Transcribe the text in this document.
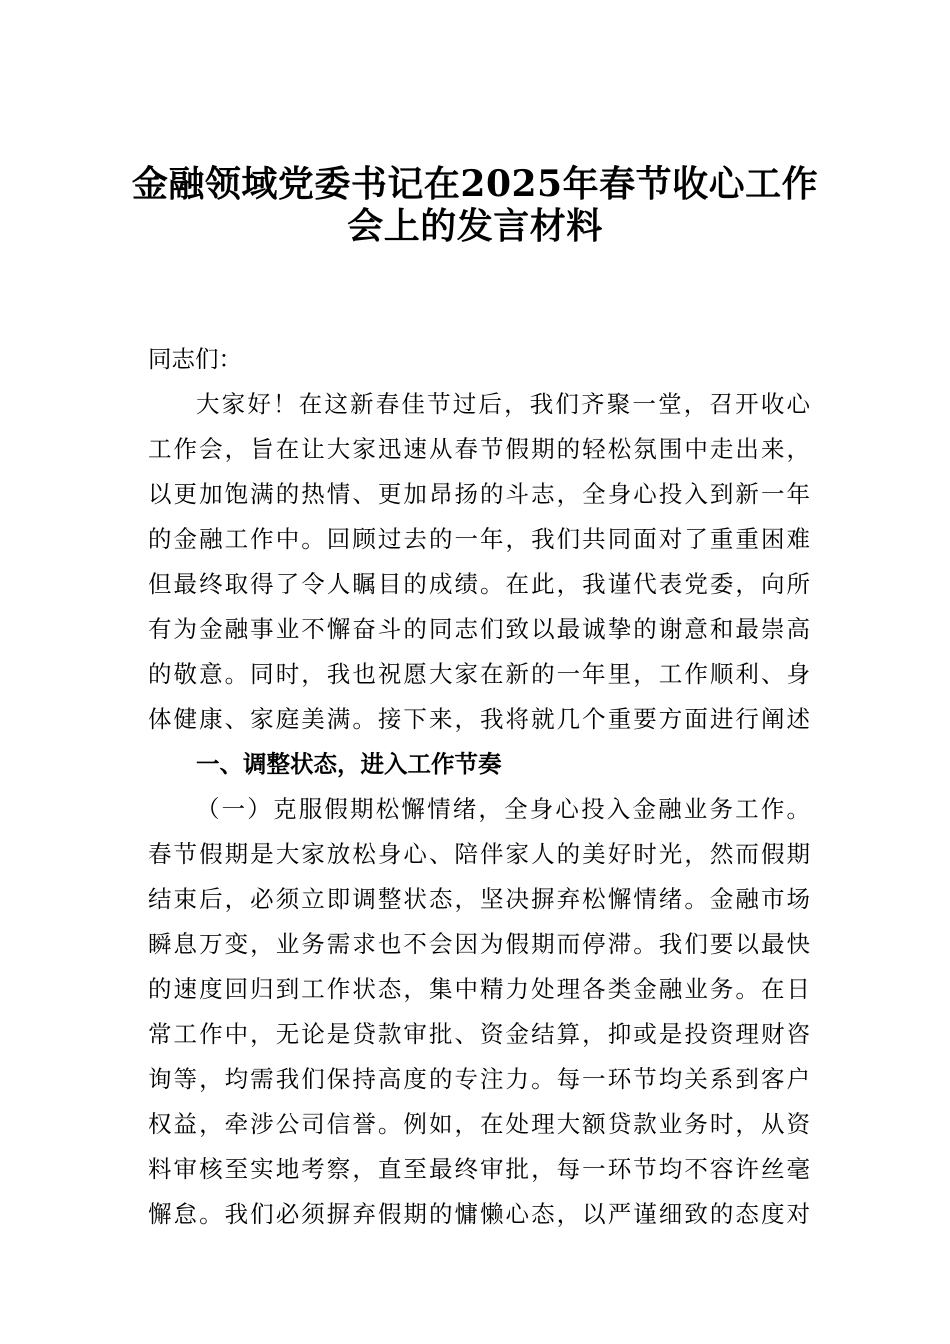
金融领域党委书记在2025年春节收心工作
会上的发言材料
同志们：
大家好！在这新春佳节过后，我们齐聚一堂，召开收心
工作会，旨在让大家迅速从春节假期的轻松氛围中走出来，
以更加饱满的热情、更加昂扬的斗志，全身心投入到新一年
的金融工作中。回顾过去的一年，我们共同面对了重重困难
但最终取得了令人瞩目的成绩。在此，我谨代表党委，向所
有为金融事业不懈奋斗的同志们致以最诚挚的谢意和最崇高
的敬意。同时，我也祝愿大家在新的一年里，工作顺利、身
体健康、家庭美满。接下来，我将就几个重要方面进行阐述
一、调整状态，进入工作节奏
（一）克服假期松懈情绪，全身心投入金融业务工作。
春节假期是大家放松身心、陪伴家人的美好时光，然而假期
结束后，必须立即调整状态，坚决摒弃松懈情绪。金融市场
瞬息万变，业务需求也不会因为假期而停滞。我们要以最快
的速度回归到工作状态，集中精力处理各类金融业务。在日
常工作中，无论是贷款审批、资金结算，抑或是投资理财咨
询等，均需我们保持高度的专注力。每一环节均关系到客户
权益，牵涉公司信誉。例如，在处理大额贷款业务时，从资
料审核至实地考察，直至最终审批，每一环节均不容许丝毫
懈怠。我们必须摒弃假期的慵懒心态，以严谨细致的态度对
